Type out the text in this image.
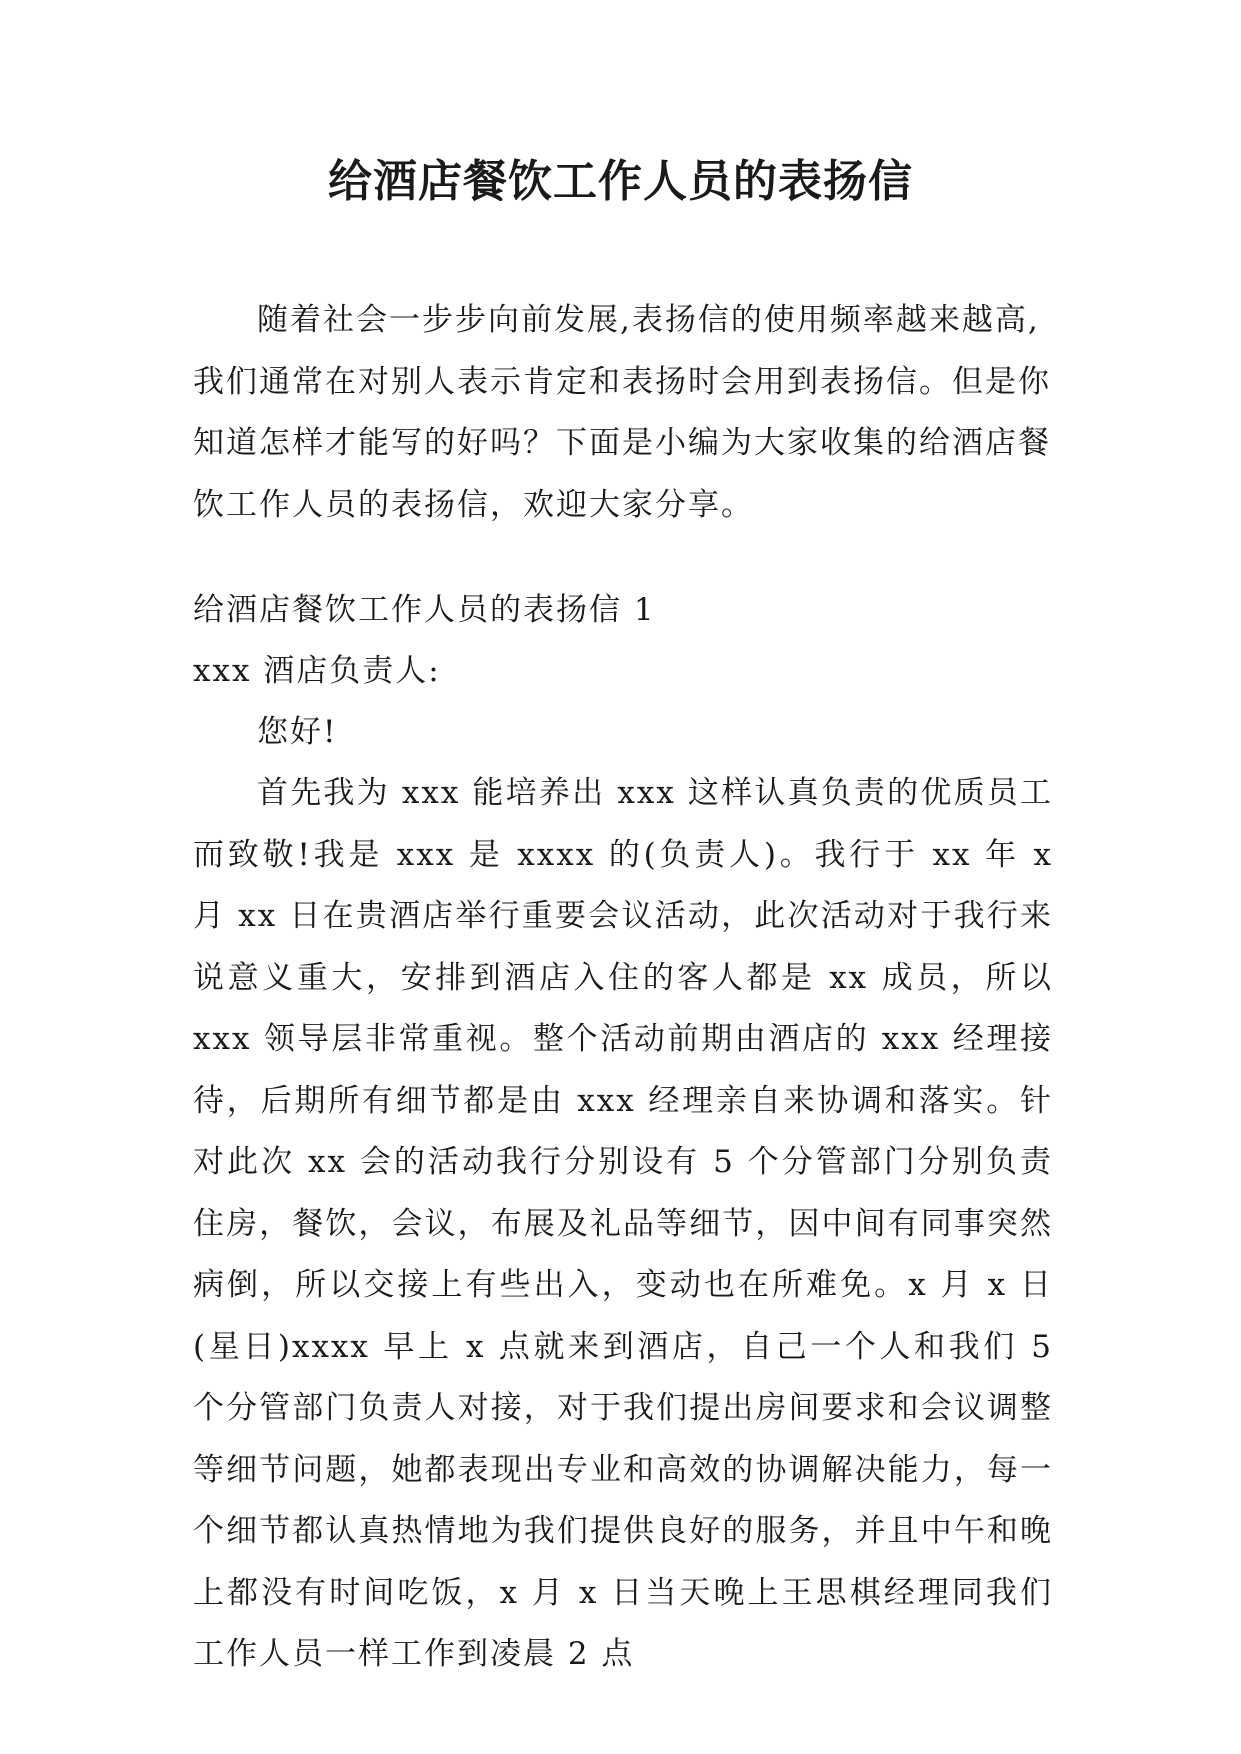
给酒店餐饮工作人员的表扬信

随着社会一步步向前发展,表扬信的使用频率越来越高,我们通常在对别人表示肯定和表扬时会用到表扬信。但是你知道怎样才能写的好吗？下面是小编为大家收集的给酒店餐饮工作人员的表扬信，欢迎大家分享。

给酒店餐饮工作人员的表扬信 1

xxx 酒店负责人:

您好!

首先我为 xxx 能培养出 xxx 这样认真负责的优质员工而致敬!我是 xxx 是 xxxx 的(负责人)。我行于 xx 年 x 月 xx 日在贵酒店举行重要会议活动，此次活动对于我行来说意义重大，安排到酒店入住的客人都是 xx 成员，所以 xxx 领导层非常重视。整个活动前期由酒店的 xxx 经理接待，后期所有细节都是由 xxx 经理亲自来协调和落实。针对此次 xx 会的活动我行分别设有 5 个分管部门分别负责住房，餐饮，会议，布展及礼品等细节，因中间有同事突然病倒，所以交接上有些出入，变动也在所难免。x 月 x 日(星日)xxxx 早上 x 点就来到酒店，自己一个人和我们 5 个分管部门负责人对接，对于我们提出房间要求和会议调整等细节问题，她都表现出专业和高效的协调解决能力，每一个细节都认真热情地为我们提供良好的服务，并且中午和晚上都没有时间吃饭，x 月 x 日当天晚上王思棋经理同我们工作人员一样工作到凌晨 2 点
